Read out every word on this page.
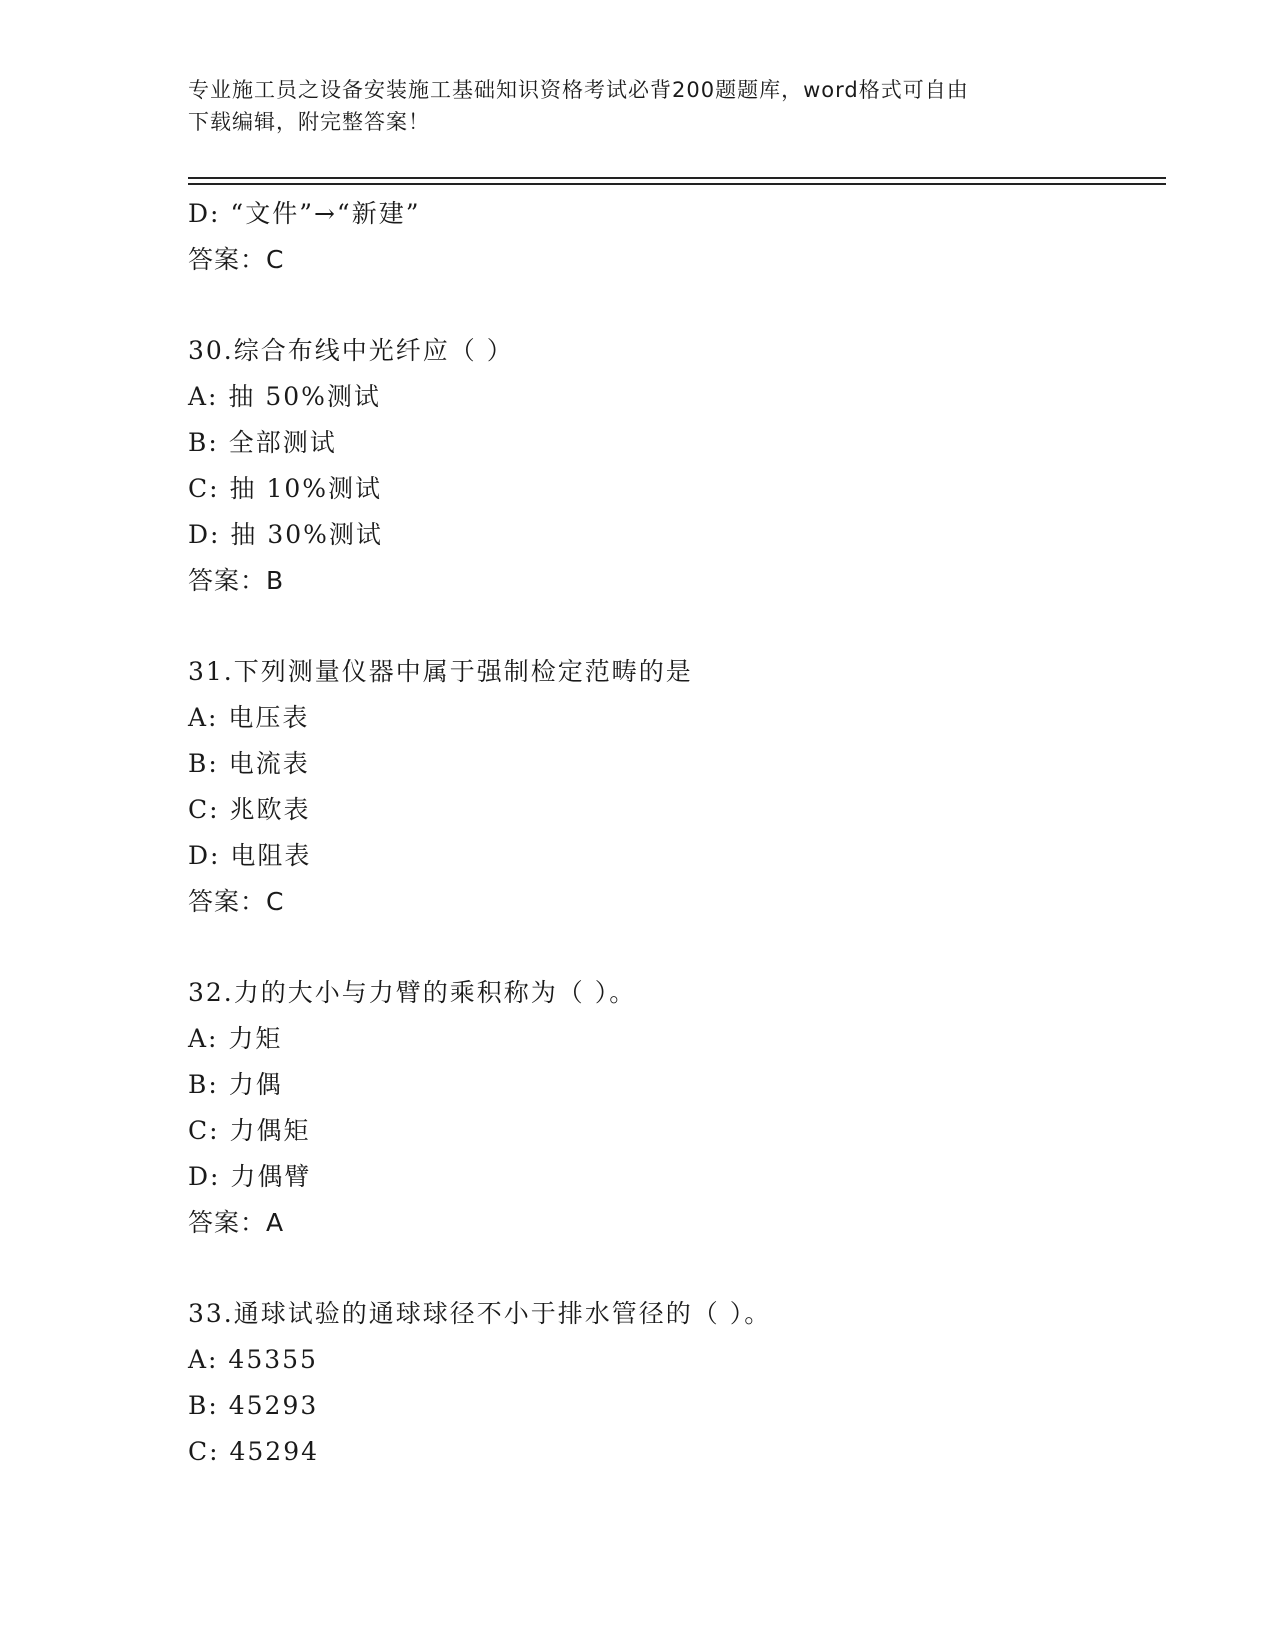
专业施工员之设备安装施工基础知识资格考试必背200题题库，word格式可自由
下载编辑，附完整答案！
D: “文件”→“新建”
答案：C
30.综合布线中光纤应（ ）
A: 抽 50%测试
B: 全部测试
C: 抽 10%测试
D: 抽 30%测试
答案：B
31.下列测量仪器中属于强制检定范畴的是
A: 电压表
B: 电流表
C: 兆欧表
D: 电阻表
答案：C
32.力的大小与力臂的乘积称为（ ）。
A: 力矩
B: 力偶
C: 力偶矩
D: 力偶臂
答案：A
33.通球试验的通球球径不小于排水管径的（ ）。
A: 45355
B: 45293
C: 45294
